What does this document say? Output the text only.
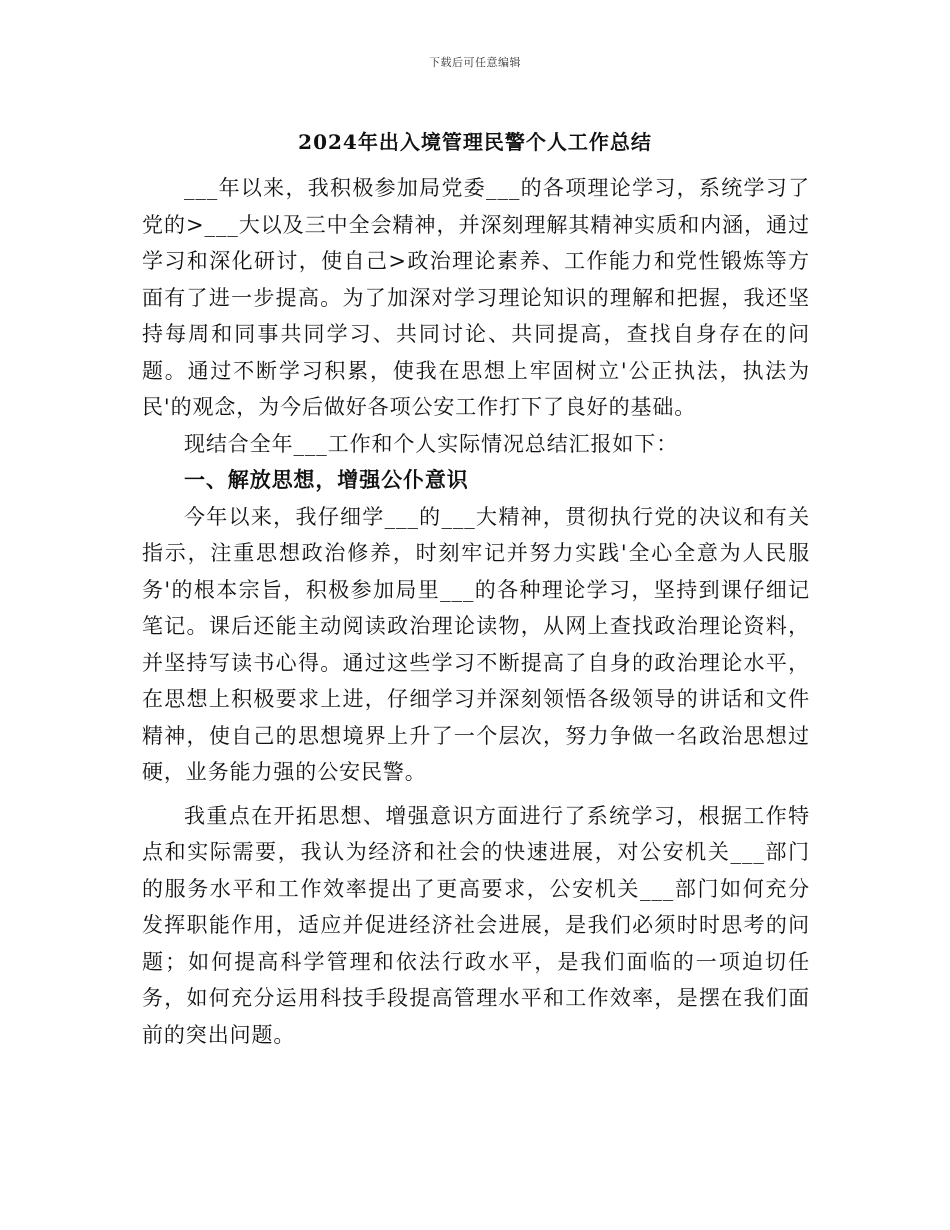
下载后可任意编辑
2024年出入境管理民警个人工作总结

___年以来，我积极参加局党委___的各项理论学习，系统学习了党的>___大以及三中全会精神，并深刻理解其精神实质和内涵，通过学习和深化研讨，使自己>政治理论素养、工作能力和党性锻炼等方面有了进一步提高。为了加深对学习理论知识的理解和把握，我还坚持每周和同事共同学习、共同讨论、共同提高，查找自身存在的问题。通过不断学习积累，使我在思想上牢固树立'公正执法，执法为民'的观念，为今后做好各项公安工作打下了良好的基础。

现结合全年___工作和个人实际情况总结汇报如下：

一、解放思想，增强公仆意识

今年以来，我仔细学___的___大精神，贯彻执行党的决议和有关指示，注重思想政治修养，时刻牢记并努力实践'全心全意为人民服务'的根本宗旨，积极参加局里___的各种理论学习，坚持到课仔细记笔记。课后还能主动阅读政治理论读物，从网上查找政治理论资料，并坚持写读书心得。通过这些学习不断提高了自身的政治理论水平，在思想上积极要求上进，仔细学习并深刻领悟各级领导的讲话和文件精神，使自己的思想境界上升了一个层次，努力争做一名政治思想过硬，业务能力强的公安民警。

我重点在开拓思想、增强意识方面进行了系统学习，根据工作特点和实际需要，我认为经济和社会的快速进展，对公安机关___部门的服务水平和工作效率提出了更高要求，公安机关___部门如何充分发挥职能作用，适应并促进经济社会进展，是我们必须时时思考的问题；如何提高科学管理和依法行政水平，是我们面临的一项迫切任务，如何充分运用科技手段提高管理水平和工作效率，是摆在我们面前的突出问题。
